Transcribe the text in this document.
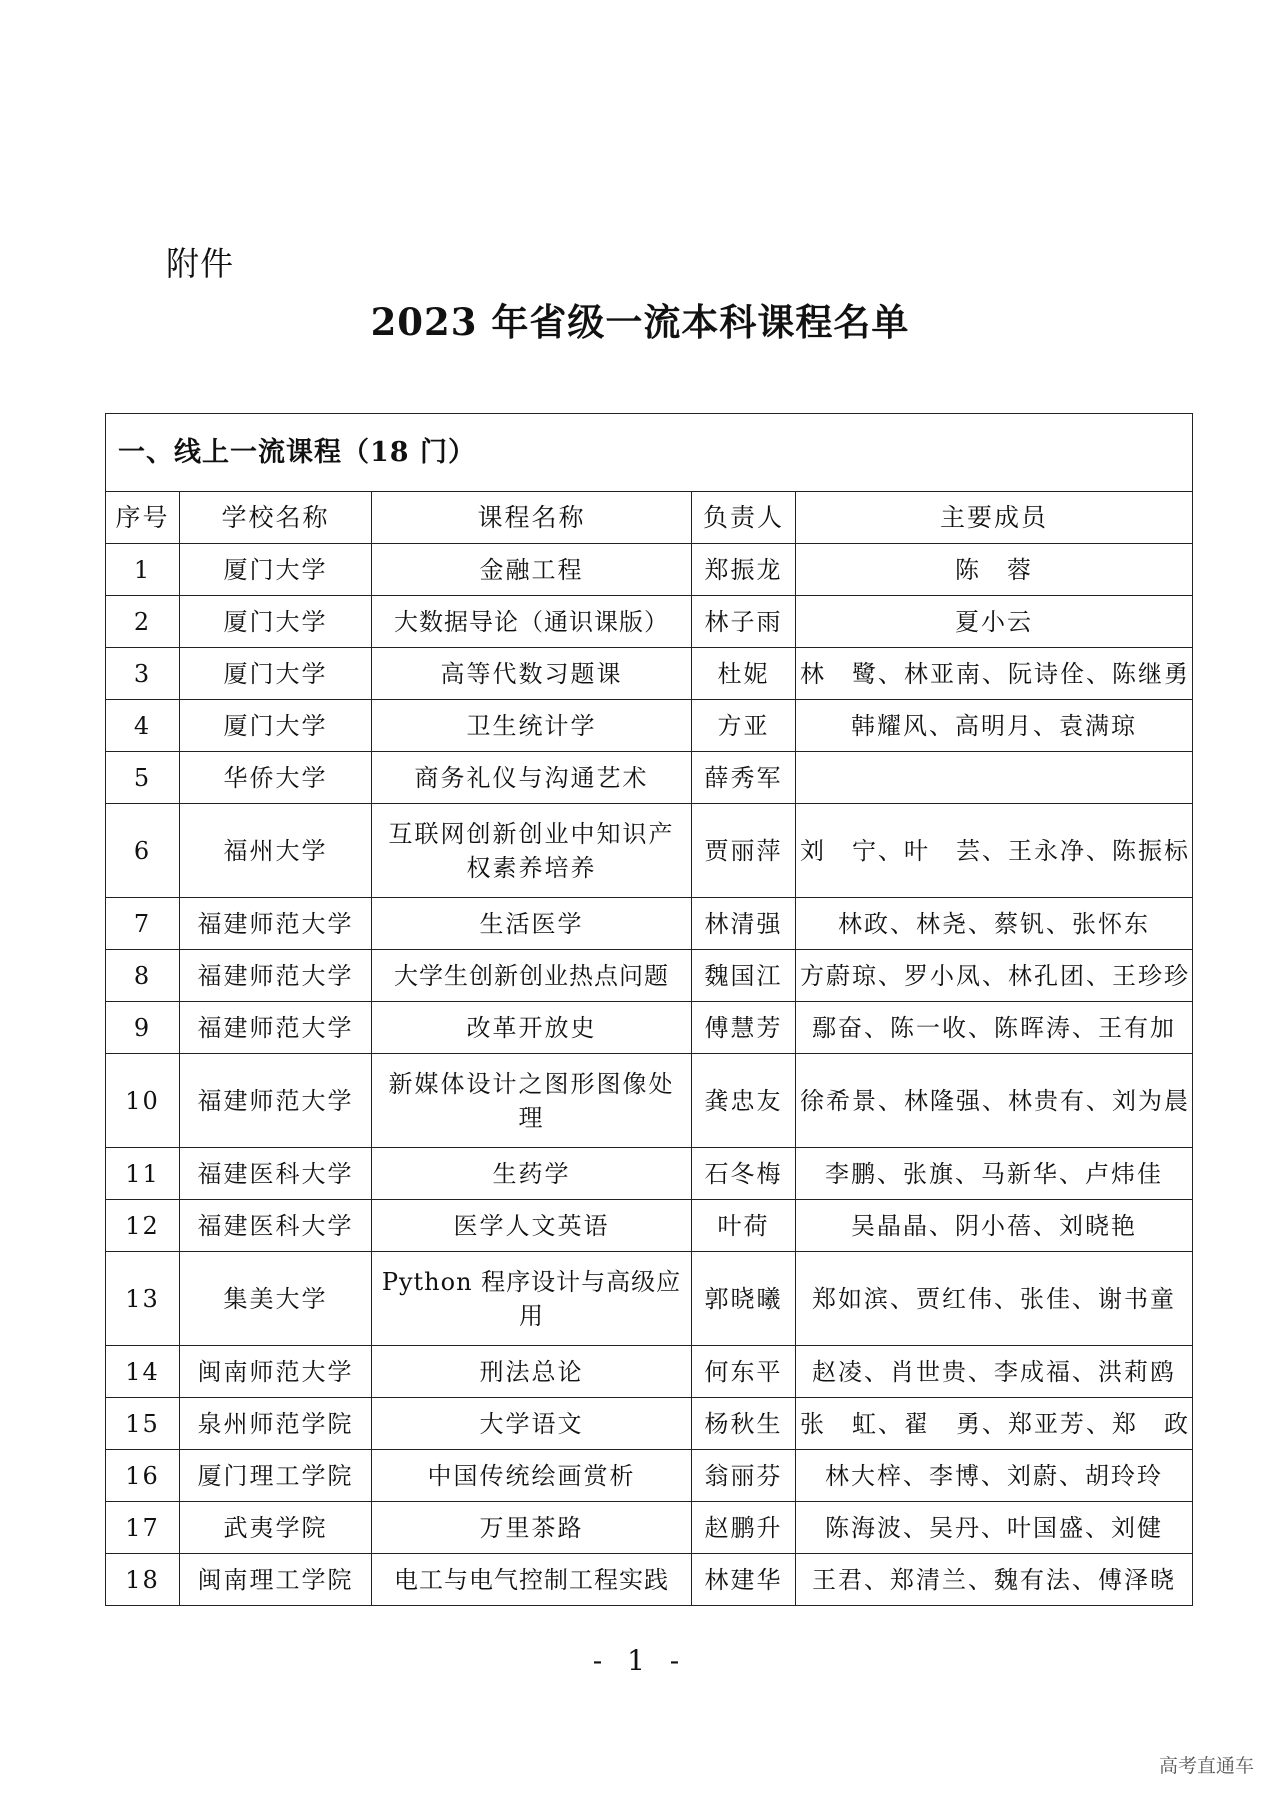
附件
2023 年省级一流本科课程名单
一、线上一流课程（18 门）				
序号	学校名称	课程名称	负责人	主要成员
1	厦门大学	金融工程	郑振龙	陈　蓉
2	厦门大学	大数据导论（通识课版）	林子雨	夏小云
3	厦门大学	高等代数习题课	杜妮	林　鹭、林亚南、阮诗佺、陈继勇
4	厦门大学	卫生统计学	方亚	韩耀风、高明月、袁满琼
5	华侨大学	商务礼仪与沟通艺术	薛秀军	
6	福州大学	互联网创新创业中知识产权素养培养	贾丽萍	刘　宁、叶　芸、王永净、陈振标
7	福建师范大学	生活医学	林清强	林政、林尧、蔡钒、张怀东
8	福建师范大学	大学生创新创业热点问题	魏国江	方蔚琼、罗小凤、林孔团、王珍珍
9	福建师范大学	改革开放史	傅慧芳	鄢奋、陈一收、陈晖涛、王有加
10	福建师范大学	新媒体设计之图形图像处理	龚忠友	徐希景、林隆强、林贵有、刘为晨
11	福建医科大学	生药学	石冬梅	李鹏、张旗、马新华、卢炜佳
12	福建医科大学	医学人文英语	叶荷	吴晶晶、阴小蓓、刘晓艳
13	集美大学	Python 程序设计与高级应用	郭晓曦	郑如滨、贾红伟、张佳、谢书童
14	闽南师范大学	刑法总论	何东平	赵凌、肖世贵、李成福、洪莉鸥
15	泉州师范学院	大学语文	杨秋生	张　虹、翟　勇、郑亚芳、郑　政
16	厦门理工学院	中国传统绘画赏析	翁丽芬	林大梓、李博、刘蔚、胡玲玲
17	武夷学院	万里茶路	赵鹏升	陈海波、吴丹、叶国盛、刘健
18	闽南理工学院	电工与电气控制工程实践	林建华	王君、郑清兰、魏有法、傅泽晓
- 1 -
高考直通车
